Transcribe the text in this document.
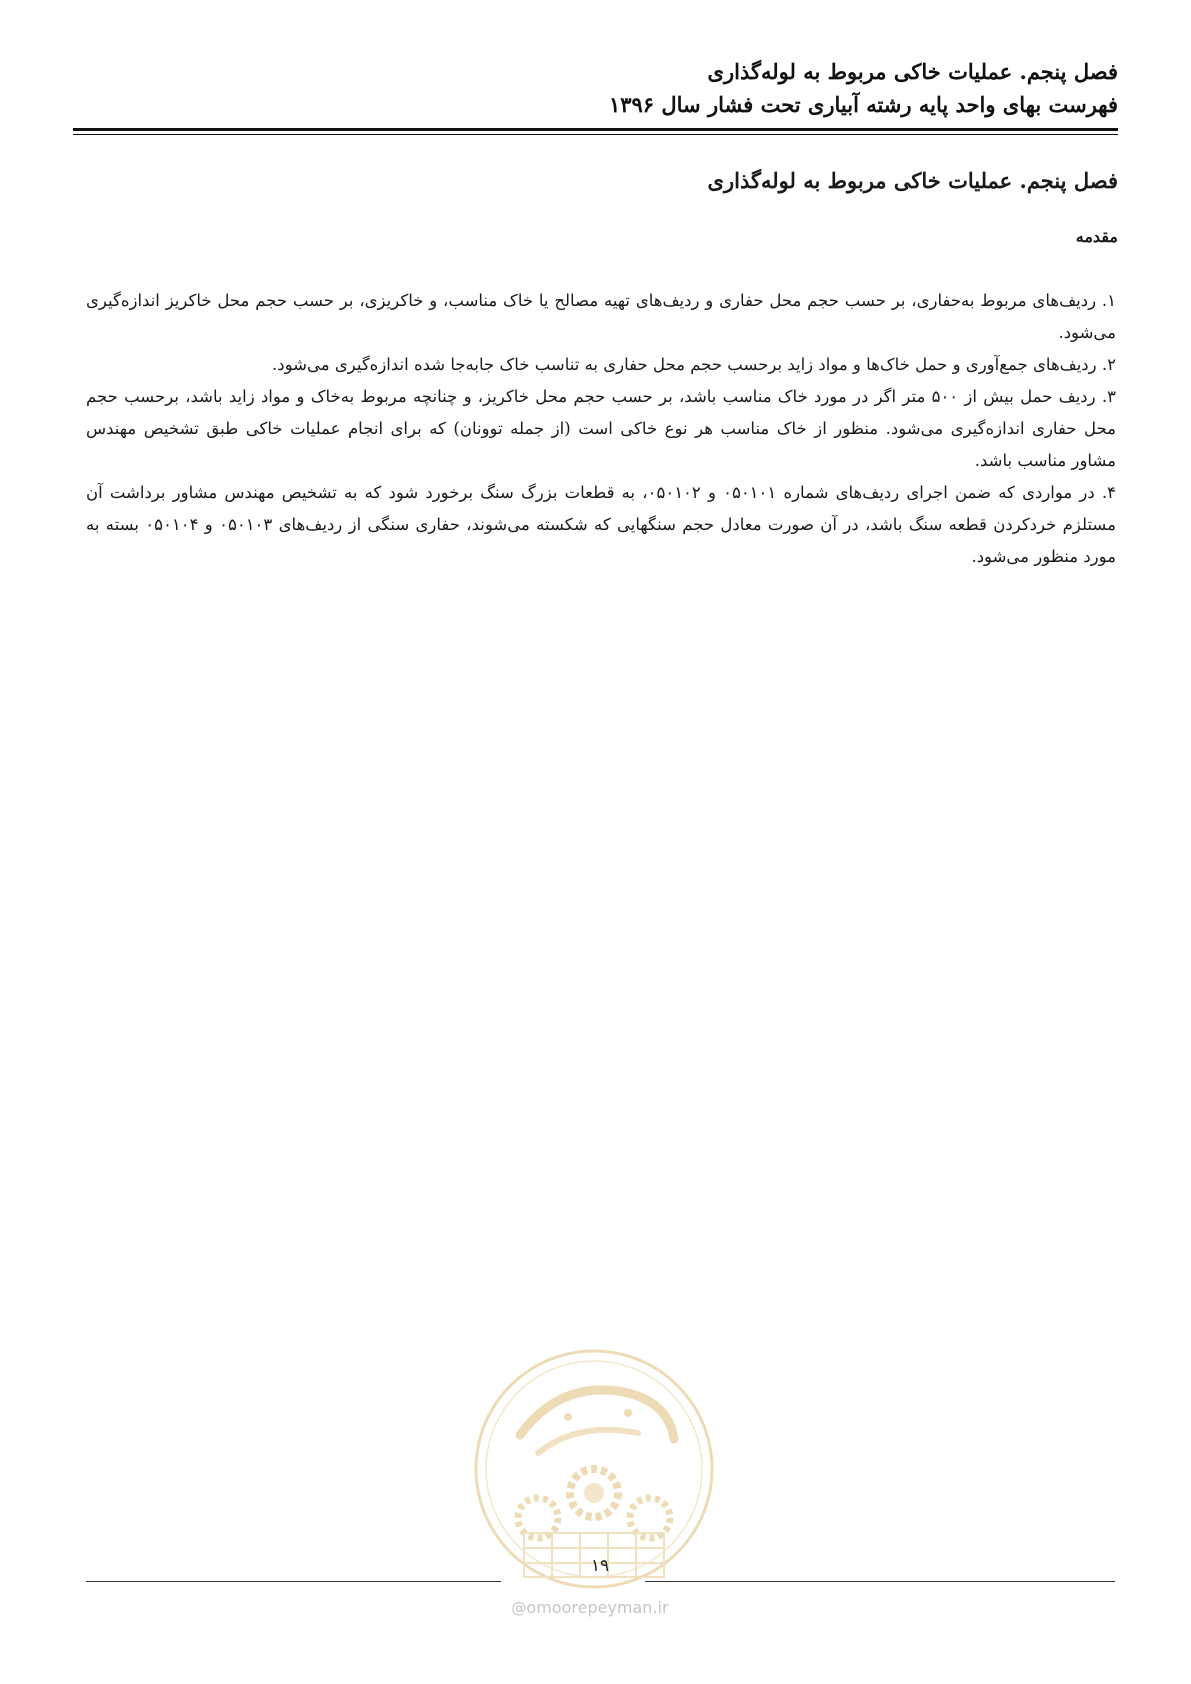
فصل پنجم. عملیات خاکی مربوط به لوله‌گذاری
فهرست بهای واحد پایه رشته آبیاری تحت فشار سال ۱۳۹۶
فصل پنجم. عملیات خاکی مربوط به لوله‌گذاری
مقدمه

۱. ردیف‌های مربوط به‌حفاری، بر حسب حجم محل حفاری و ردیف‌های تهیه مصالح یا خاک مناسب، و خاکریزی، بر حسب حجم محل خاکریز اندازه‌گیری می‌شود.

۲. ردیف‌های جمع‌آوری و حمل خاک‌ها و مواد زاید برحسب حجم محل حفاری به تناسب خاک جابه‌جا شده اندازه‌گیری می‌شود.

۳. ردیف حمل بیش از ۵۰۰ متر اگر در مورد خاک مناسب باشد، بر حسب حجم محل خاکریز، و چنانچه مربوط به‌خاک و مواد زاید باشد، برحسب حجم محل حفاری اندازه‌گیری می‌شود. منظور از خاک مناسب هر نوع خاکی است (از جمله توونان) که برای انجام عملیات خاکی طبق تشخیص مهندس مشاور مناسب باشد.

۴. در مواردی که ضمن اجرای ردیف‌های شماره ۰۵۰۱۰۱ و ۰۵۰۱۰۲، به قطعات بزرگ سنگ برخورد شود که به تشخیص مهندس مشاور برداشت آن مستلزم خردکردن قطعه سنگ باشد، در آن صورت معادل حجم سنگهایی که شکسته می‌شوند، حفاری سنگی از ردیف‌های ۰۵۰۱۰۳ و ۰۵۰۱۰۴ بسته به مورد منظور می‌شود.

۱۹
@omoorepeyman.ir
